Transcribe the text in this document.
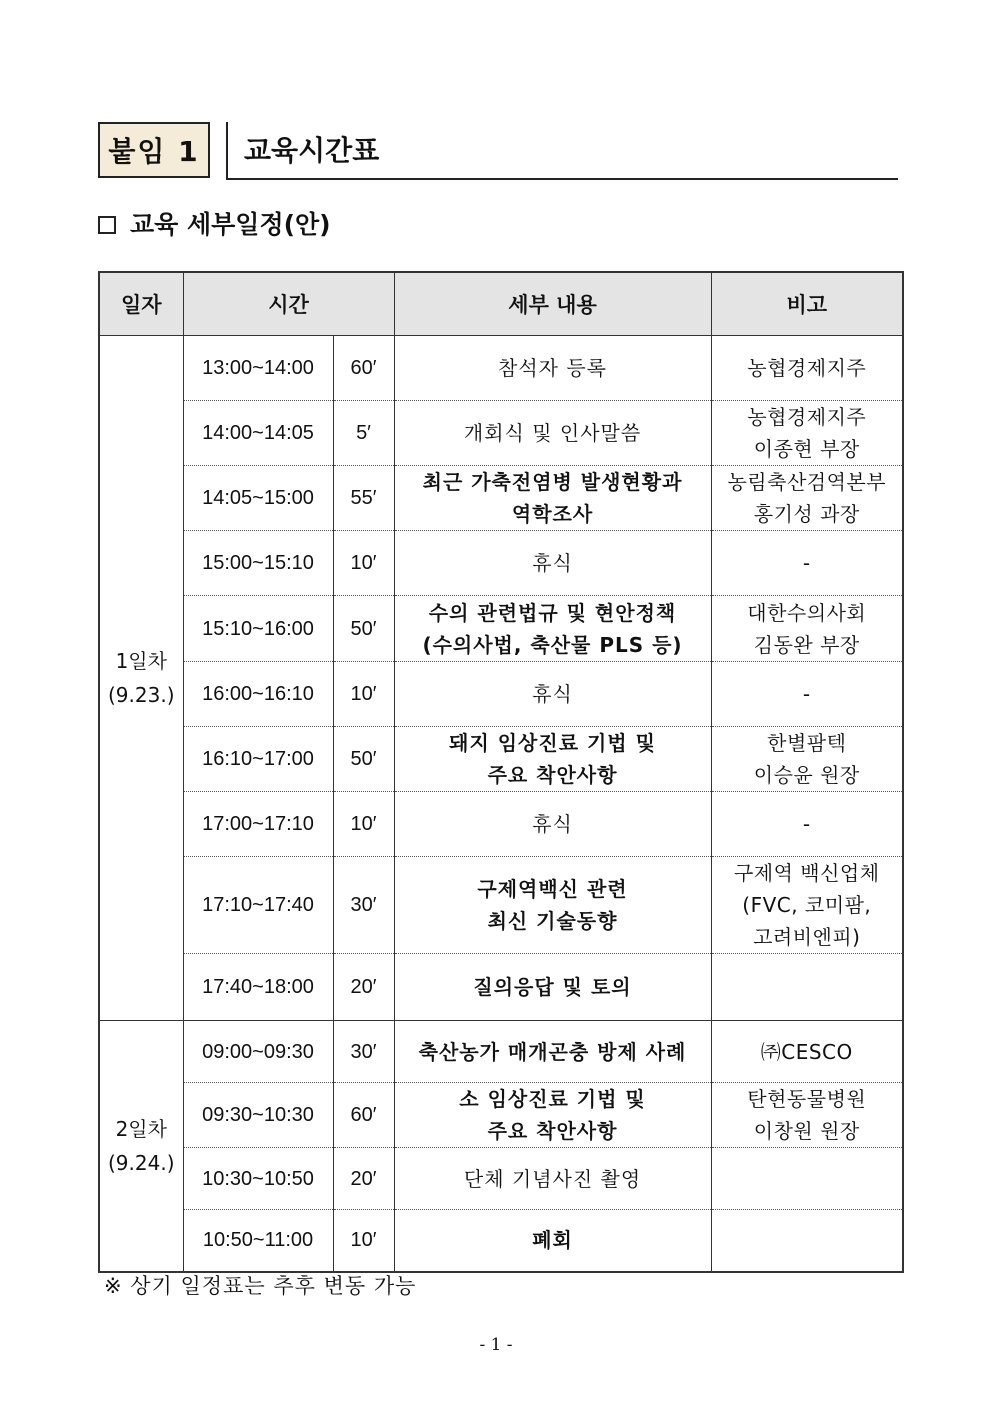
붙임 1	교육시간표
교육 세부일정(안)
일자	시간		세부 내용	비고
1일차
(9.23.)	13:00~14:00	60′	참석자 등록	농협경제지주
	14:00~14:05	5′	개회식 및 인사말씀	농협경제지주
이종현 부장
	14:05~15:00	55′	최근 가축전염병 발생현황과
역학조사	농림축산검역본부
홍기성 과장
	15:00~15:10	10′	휴식	-
	15:10~16:00	50′	수의 관련법규 및 현안정책
(수의사법, 축산물 PLS 등)	대한수의사회
김동완 부장
	16:00~16:10	10′	휴식	-
	16:10~17:00	50′	돼지 임상진료 기법 및
주요 착안사항	한별팜텍
이승윤 원장
	17:00~17:10	10′	휴식	-
	17:10~17:40	30′	구제역백신 관련
최신 기술동향	구제역 백신업체
(FVC, 코미팜,
고려비엔피)
	17:40~18:00	20′	질의응답 및 토의	
2일차
(9.24.)	09:00~09:30	30′	축산농가 매개곤충 방제 사례	㈜CESCO
	09:30~10:30	60′	소 임상진료 기법 및
주요 착안사항	탄현동물병원
이창원 원장
	10:30~10:50	20′	단체 기념사진 촬영	
	10:50~11:00	10′	폐회	
※ 상기 일정표는 추후 변동 가능
- 1 -
